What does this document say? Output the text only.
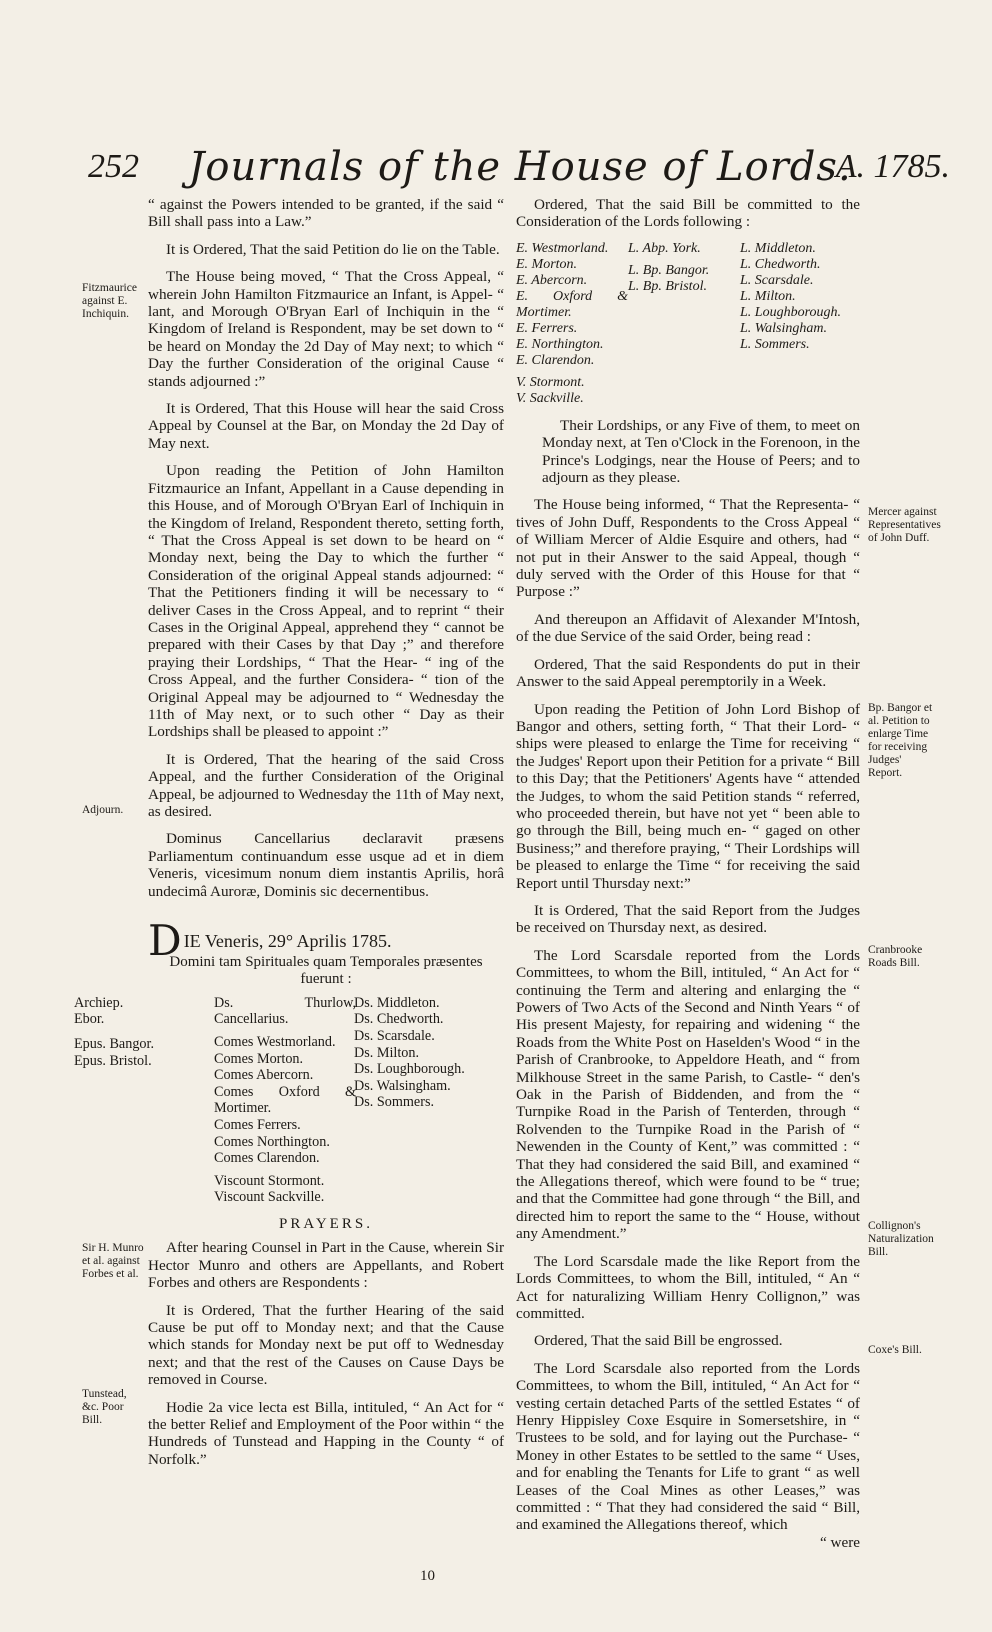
252	Journals of the House of Lords.
A. 1785.
Fitzmaurice against E. Inchiquin.
Adjourn.
Sir H. Munro et al. against Forbes et al.
Tunstead, &c. Poor Bill.

“ against the Powers intended to be granted, if the said “ Bill shall pass into a Law.”

It is Ordered, That the said Petition do lie on the Table.

The House being moved, “ That the Cross Appeal, “ wherein John Hamilton Fitzmaurice an Infant, is Appel- “ lant, and Morough O'Bryan Earl of Inchiquin in the “ Kingdom of Ireland is Respondent, may be set down to “ be heard on Monday the 2d Day of May next; to which “ Day the further Consideration of the original Cause “ stands adjourned :”

It is Ordered, That this House will hear the said Cross Appeal by Counsel at the Bar, on Monday the 2d Day of May next.

Upon reading the Petition of John Hamilton Fitzmaurice an Infant, Appellant in a Cause depending in this House, and of Morough O'Bryan Earl of Inchiquin in the Kingdom of Ireland, Respondent thereto, setting forth, “ That the Cross Appeal is set down to be heard on “ Monday next, being the Day to which the further “ Consideration of the original Appeal stands adjourned: “ That the Petitioners finding it will be necessary to “ deliver Cases in the Cross Appeal, and to reprint “ their Cases in the Original Appeal, apprehend they “ cannot be prepared with their Cases by that Day ;” and therefore praying their Lordships, “ That the Hear- “ ing of the Cross Appeal, and the further Considera- “ tion of the Original Appeal may be adjourned to “ Wednesday the 11th of May next, or to such other “ Day as their Lordships shall be pleased to appoint :”

It is Ordered, That the hearing of the said Cross Appeal, and the further Consideration of the Original Appeal, be adjourned to Wednesday the 11th of May next, as desired.

Dominus Cancellarius declaravit præsens Parliamentum continuandum esse usque ad et in diem Veneris, vicesimum nonum diem instantis Aprilis, horâ undecimâ Auroræ, Dominis sic decernentibus.

DIE Veneris, 29° Aprilis 1785.
Domini tam Spirituales quam Temporales præsentes fuerunt :
Archiep. Ebor.
Epus. Bangor.
Epus. Bristol.
Ds. Thurlow, Cancellarius.
Comes Westmorland.
Comes Morton.
Comes Abercorn.
Comes Oxford & Mortimer.
Comes Ferrers.
Comes Northington.
Comes Clarendon.
Viscount Stormont.
Viscount Sackville.
Ds. Middleton.
Ds. Chedworth.
Ds. Scarsdale.
Ds. Milton.
Ds. Loughborough.
Ds. Walsingham.
Ds. Sommers.
PRAYERS.

After hearing Counsel in Part in the Cause, wherein Sir Hector Munro and others are Appellants, and Robert Forbes and others are Respondents :

It is Ordered, That the further Hearing of the said Cause be put off to Monday next; and that the Cause which stands for Monday next be put off to Wednesday next; and that the rest of the Causes on Cause Days be removed in Course.

Hodie 2a vice lecta est Billa, intituled, “ An Act for “ the better Relief and Employment of the Poor within “ the Hundreds of Tunstead and Happing in the County “ of Norfolk.”

Ordered, That the said Bill be committed to the Consideration of the Lords following :

E. Westmorland.
E. Morton.
E. Abercorn.
E. Oxford & Mortimer.
E. Ferrers.
E. Northington.
E. Clarendon.
V. Stormont.
V. Sackville.
L. Abp. York.
L. Bp. Bangor.
L. Bp. Bristol.
L. Middleton.
L. Chedworth.
L. Scarsdale.
L. Milton.
L. Loughborough.
L. Walsingham.
L. Sommers.

Their Lordships, or any Five of them, to meet on Monday next, at Ten o'Clock in the Forenoon, in the Prince's Lodgings, near the House of Peers; and to adjourn as they please.

The House being informed, “ That the Representa- “ tives of John Duff, Respondents to the Cross Appeal “ of William Mercer of Aldie Esquire and others, had “ not put in their Answer to the said Appeal, though “ duly served with the Order of this House for that “ Purpose :”

And thereupon an Affidavit of Alexander M'Intosh, of the due Service of the said Order, being read :

Ordered, That the said Respondents do put in their Answer to the said Appeal peremptorily in a Week.

Upon reading the Petition of John Lord Bishop of Bangor and others, setting forth, “ That their Lord- “ ships were pleased to enlarge the Time for receiving “ the Judges' Report upon their Petition for a private “ Bill to this Day; that the Petitioners' Agents have “ attended the Judges, to whom the said Petition stands “ referred, who proceeded therein, but have not yet “ been able to go through the Bill, being much en- “ gaged on other Business;” and therefore praying, “ Their Lordships will be pleased to enlarge the Time “ for receiving the said Report until Thursday next:”

It is Ordered, That the said Report from the Judges be received on Thursday next, as desired.

The Lord Scarsdale reported from the Lords Committees, to whom the Bill, intituled, “ An Act for “ continuing the Term and altering and enlarging the “ Powers of Two Acts of the Second and Ninth Years “ of His present Majesty, for repairing and widening “ the Roads from the White Post on Haselden's Wood “ in the Parish of Cranbrooke, to Appeldore Heath, and “ from Milkhouse Street in the same Parish, to Castle- “ den's Oak in the Parish of Biddenden, and from the “ Turnpike Road in the Parish of Tenterden, through “ Rolvenden to the Turnpike Road in the Parish of “ Newenden in the County of Kent,” was committed : “ That they had considered the said Bill, and examined “ the Allegations thereof, which were found to be “ true; and that the Committee had gone through “ the Bill, and directed him to report the same to the “ House, without any Amendment.”

The Lord Scarsdale made the like Report from the Lords Committees, to whom the Bill, intituled, “ An “ Act for naturalizing William Henry Collignon,” was committed.

Ordered, That the said Bill be engrossed.

The Lord Scarsdale also reported from the Lords Committees, to whom the Bill, intituled, “ An Act for “ vesting certain detached Parts of the settled Estates “ of Henry Hippisley Coxe Esquire in Somersetshire, in “ Trustees to be sold, and for laying out the Purchase- “ Money in other Estates to be settled to the same “ Uses, and for enabling the Tenants for Life to grant “ as well Leases of the Coal Mines as other Leases,” was committed : “ That they had considered the said “ Bill, and examined the Allegations thereof, which

“ were
Mercer against Representatives of John Duff.
Bp. Bangor et al. Petition to enlarge Time for receiving Judges' Report.
Cranbrooke Roads Bill.
Collignon's Naturalization Bill.
Coxe's Bill.
10
